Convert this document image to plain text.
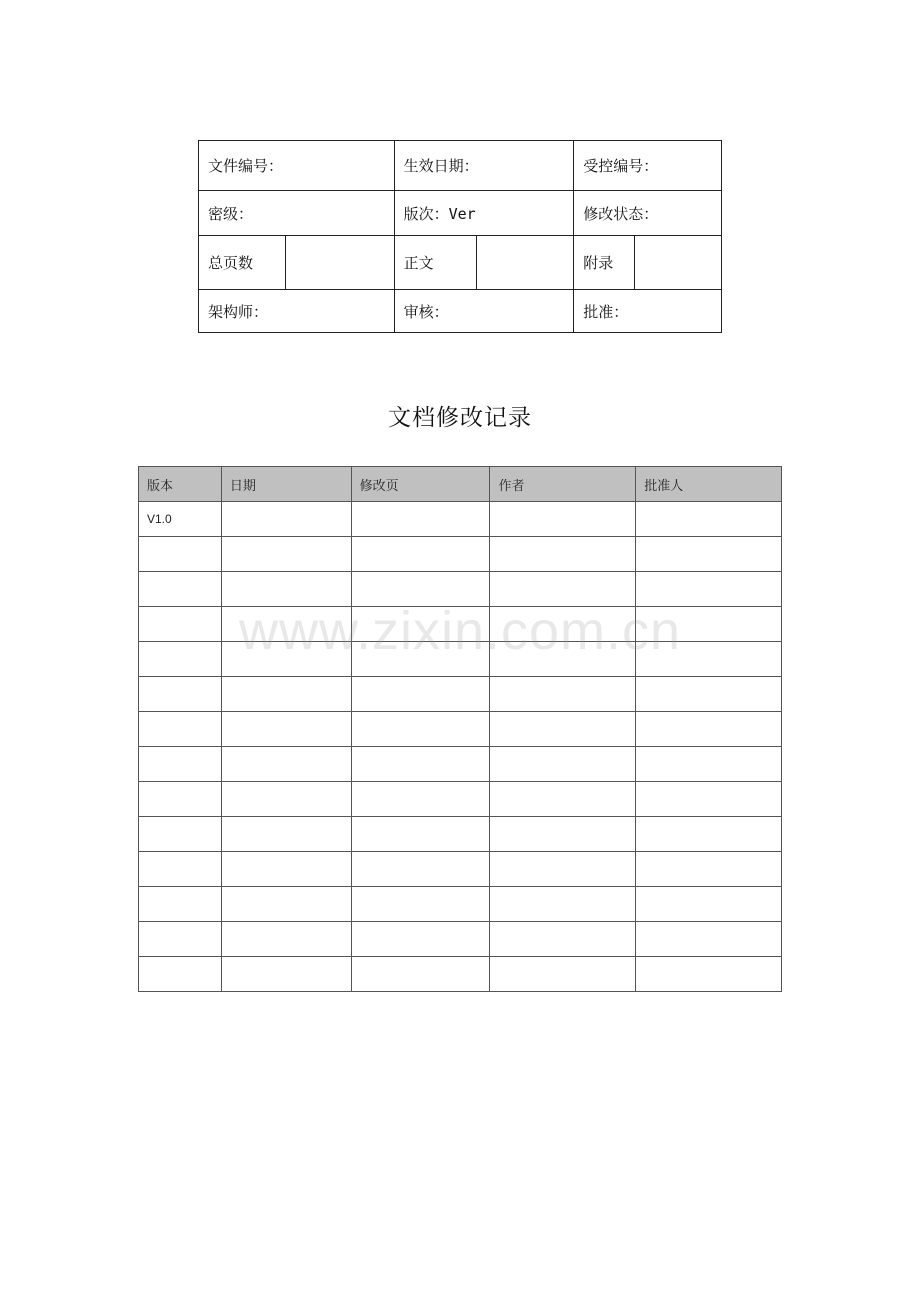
文件编号：		生效日期：		受控编号：	
密级：		版次：Ver		修改状态：	
总页数		正文		附录	
架构师：		审核：		批准：	
文档修改记录
版本	日期	修改页	作者	批准人
V1.0				

www.zixin.com.cn
